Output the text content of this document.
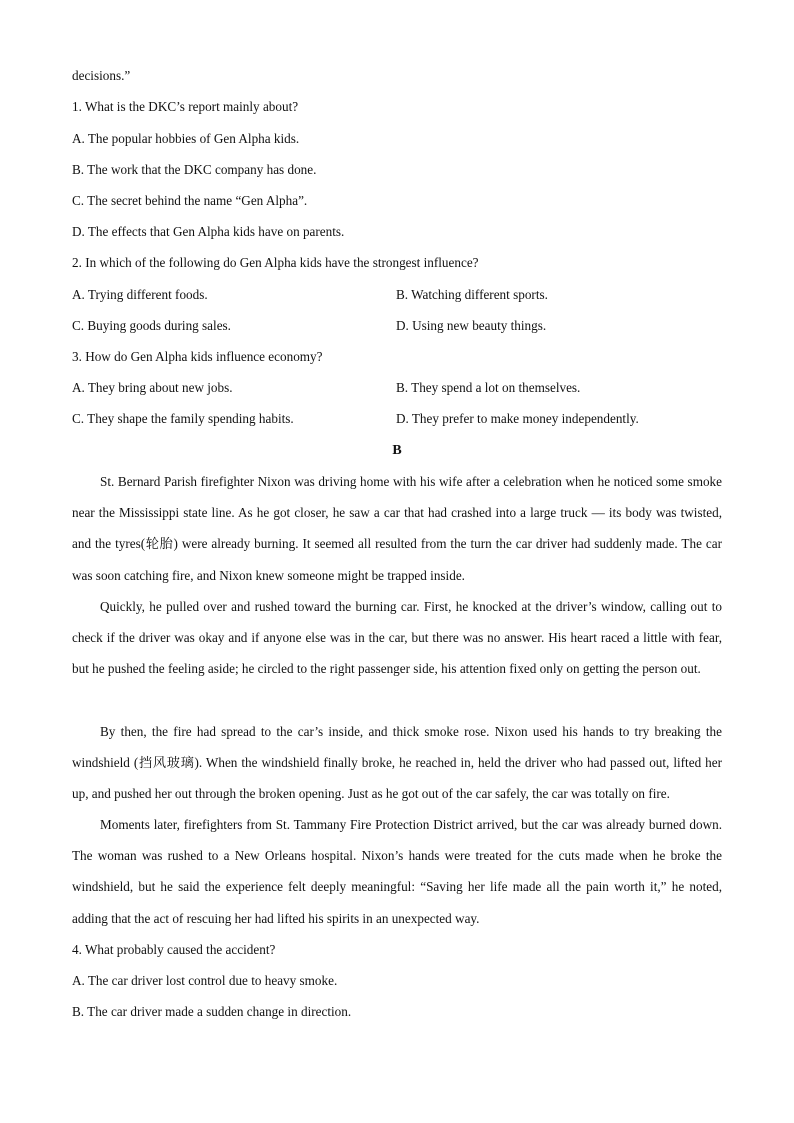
decisions.”
1. What is the DKC’s report mainly about?
A. The popular hobbies of Gen Alpha kids.
B. The work that the DKC company has done.
C. The secret behind the name “Gen Alpha”.
D. The effects that Gen Alpha kids have on parents.
2. In which of the following do Gen Alpha kids have the strongest influence?
A. Trying different foods.	B. Watching different sports.
C. Buying goods during sales.	D. Using new beauty things.
3. How do Gen Alpha kids influence economy?
A. They bring about new jobs.	B. They spend a lot on themselves.
C. They shape the family spending habits.	D. They prefer to make money independently.
B

St. Bernard Parish firefighter Nixon was driving home with his wife after a celebration when he noticed some smoke near the Mississippi state line. As he got closer, he saw a car that had crashed into a large truck — its body was twisted, and the tyres(轮胎) were already burning. It seemed all resulted from the turn the car driver had suddenly made. The car was soon catching fire, and Nixon knew someone might be trapped inside.

Quickly, he pulled over and rushed toward the burning car. First, he knocked at the driver’s window, calling out to check if the driver was okay and if anyone else was in the car, but there was no answer. His heart raced a little with fear, but he pushed the feeling aside; he circled to the right passenger side, his attention fixed only on getting the person out.

By then, the fire had spread to the car’s inside, and thick smoke rose. Nixon used his hands to try breaking the windshield (挡风玻璃). When the windshield finally broke, he reached in, held the driver who had passed out, lifted her up, and pushed her out through the broken opening. Just as he got out of the car safely, the car was totally on fire.

Moments later, firefighters from St. Tammany Fire Protection District arrived, but the car was already burned down. The woman was rushed to a New Orleans hospital. Nixon’s hands were treated for the cuts made when he broke the windshield, but he said the experience felt deeply meaningful: “Saving her life made all the pain worth it,” he noted, adding that the act of rescuing her had lifted his spirits in an unexpected way.

4. What probably caused the accident?
A. The car driver lost control due to heavy smoke.
B. The car driver made a sudden change in direction.
